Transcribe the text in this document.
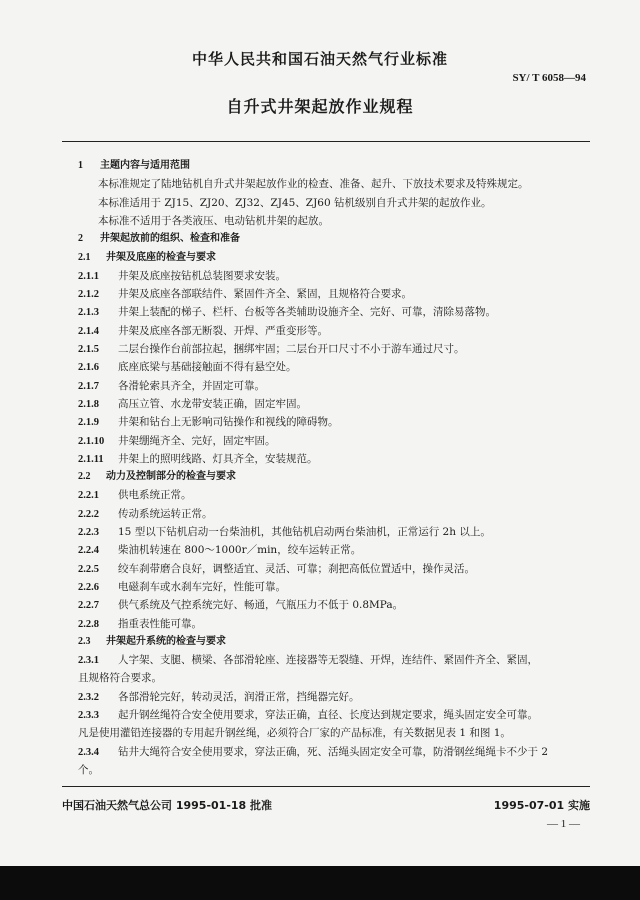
中华人民共和国石油天然气行业标准
SY/ T 6058—94
自升式井架起放作业规程
1 主题内容与适用范围
本标准规定了陆地钻机自升式井架起放作业的检查、准备、起升、下放技术要求及特殊规定。
本标准适用于 ZJ15、ZJ20、ZJ32、ZJ45、ZJ60 钻机级别自升式井架的起放作业。
本标准不适用于各类液压、电动钻机井架的起放。
2 井架起放前的组织、检查和准备
2.1 井架及底座的检查与要求
2.1.1 井架及底座按钻机总装图要求安装。
2.1.2 井架及底座各部联结件、紧固件齐全、紧固，且规格符合要求。
2.1.3 井架上装配的梯子、栏杆、台板等各类辅助设施齐全、完好、可靠，清除易落物。
2.1.4 井架及底座各部无断裂、开焊、严重变形等。
2.1.5 二层台操作台前部拉起，捆绑牢固；二层台开口尺寸不小于游车通过尺寸。
2.1.6 底座底梁与基础接触面不得有悬空处。
2.1.7 各滑轮索具齐全，并固定可靠。
2.1.8 高压立管、水龙带安装正确，固定牢固。
2.1.9 井架和钻台上无影响司钻操作和视线的障碍物。
2.1.10 井架绷绳齐全、完好，固定牢固。
2.1.11 井架上的照明线路、灯具齐全，安装规范。
2.2 动力及控制部分的检查与要求
2.2.1 供电系统正常。
2.2.2 传动系统运转正常。
2.2.3 15 型以下钻机启动一台柴油机，其他钻机启动两台柴油机，正常运行 2h 以上。
2.2.4 柴油机转速在 800～1000r／min，绞车运转正常。
2.2.5 绞车刹带磨合良好，调整适宜、灵活、可靠；刹把高低位置适中，操作灵活。
2.2.6 电磁刹车或水刹车完好，性能可靠。
2.2.7 供气系统及气控系统完好、畅通，气瓶压力不低于 0.8MPa。
2.2.8 指重表性能可靠。
2.3 井架起升系统的检查与要求
2.3.1 人字架、支腿、横梁、各部滑轮座、连接器等无裂缝、开焊，连结件、紧固件齐全、紧固，
且规格符合要求。
2.3.2 各部滑轮完好，转动灵活，润滑正常，挡绳器完好。
2.3.3 起升钢丝绳符合安全使用要求，穿法正确，直径、长度达到规定要求，绳头固定安全可靠。
凡是使用灌铅连接器的专用起升钢丝绳，必须符合厂家的产品标准，有关数据见表 1 和图 1。
2.3.4 钻井大绳符合安全使用要求，穿法正确，死、活绳头固定安全可靠，防滑钢丝绳绳卡不少于 2
个。
中国石油天然气总公司 1995-01-18 批准	1995-07-01 实施
— 1 —
